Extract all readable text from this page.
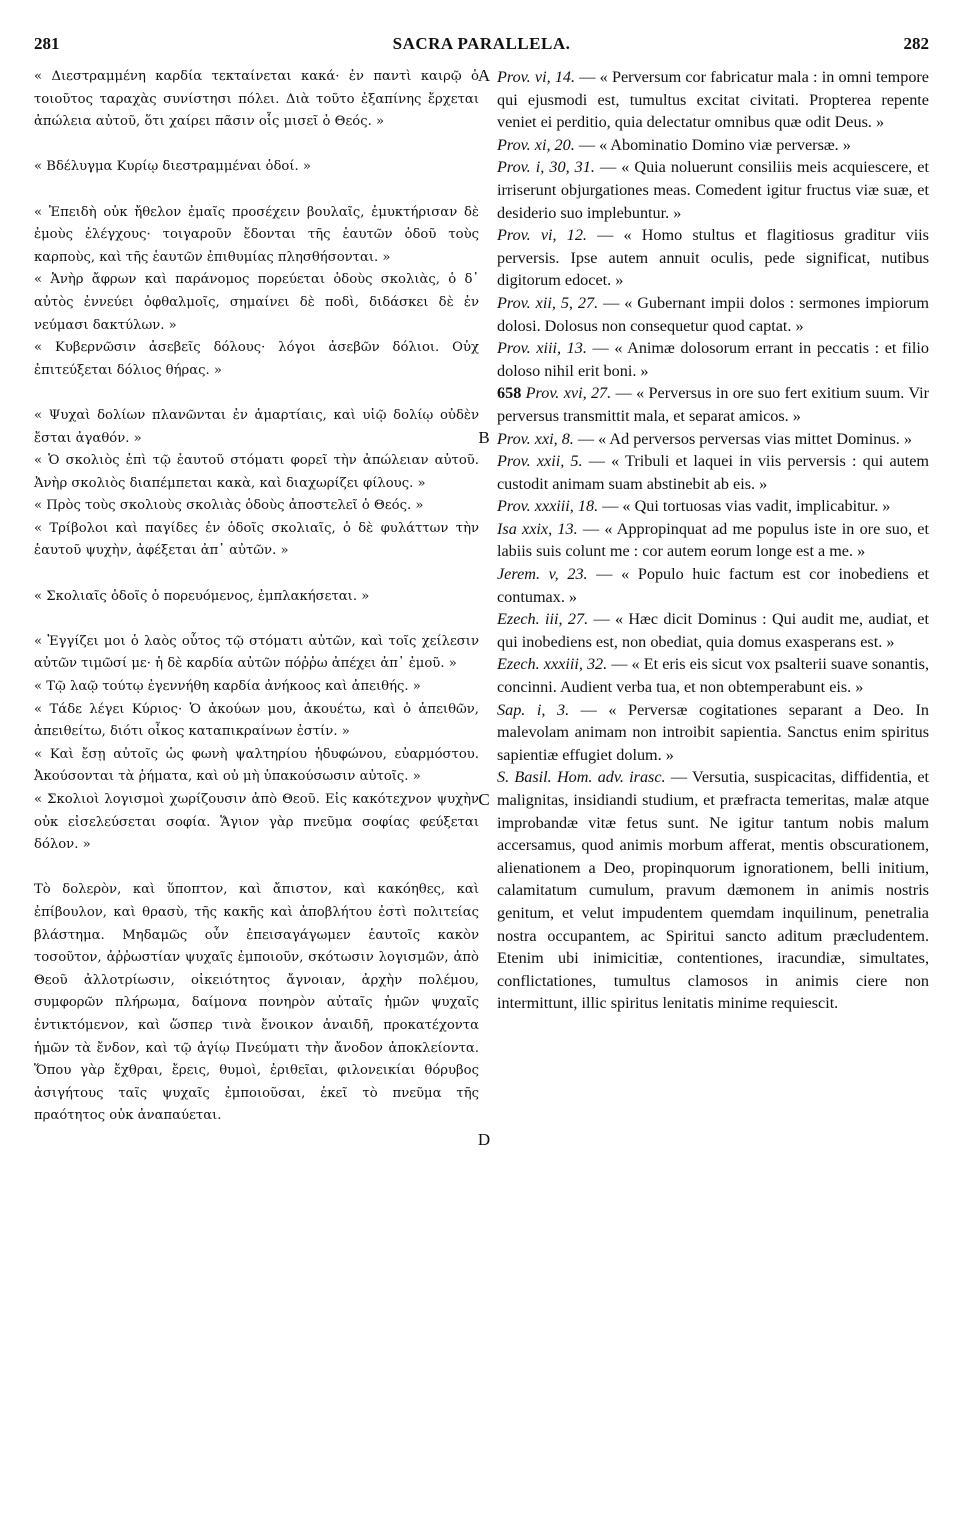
281	SACRA PARALLELA.	282
A
B
C
D

« Διεστραμμένη καρδία τεκταίνεται κακά· ἐν παντὶ καιρῷ ὁ τοιοῦτος ταραχὰς συνίστησι πόλει. Διὰ τοῦτο ἐξαπίνης ἔρχεται ἀπώλεια αὐτοῦ, ὅτι χαίρει πᾶσιν οἷς μισεῖ ὁ Θεός. »

« Βδέλυγμα Κυρίῳ διεστραμμέναι ὁδοί. »

« Ἐπειδὴ οὐκ ἤθελον ἐμαῖς προσέχειν βουλαῖς, ἐμυκτήρισαν δὲ ἐμοὺς ἐλέγχους· τοιγαροῦν ἔδονται τῆς ἑαυτῶν ὁδοῦ τοὺς καρποὺς, καὶ τῆς ἑαυτῶν ἐπιθυμίας πλησθήσονται. »

« Ἀνὴρ ἄφρων καὶ παράνομος πορεύεται ὁδοὺς σκολιὰς, ὁ δ᾽ αὐτὸς ἐννεύει ὀφθαλμοῖς, σημαίνει δὲ ποδὶ, διδάσκει δὲ ἐν νεύμασι δακτύλων. »

« Κυβερνῶσιν ἀσεβεῖς δόλους· λόγοι ἀσεβῶν δόλιοι. Οὐχ ἐπιτεύξεται δόλιος θήρας. »

« Ψυχαὶ δολίων πλανῶνται ἐν ἁμαρτίαις, καὶ υἱῷ δολίῳ οὐδὲν ἔσται ἀγαθόν. »

« Ὁ σκολιὸς ἐπὶ τῷ ἑαυτοῦ στόματι φορεῖ τὴν ἀπώλειαν αὐτοῦ. Ἀνὴρ σκολιὸς διαπέμπεται κακὰ, καὶ διαχωρίζει φίλους. »

« Πρὸς τοὺς σκολιοὺς σκολιὰς ὁδοὺς ἀποστελεῖ ὁ Θεός. »

« Τρίβολοι καὶ παγίδες ἐν ὁδοῖς σκολιαῖς, ὁ δὲ φυλάττων τὴν ἑαυτοῦ ψυχὴν, ἀφέξεται ἀπ᾽ αὐτῶν. »

« Σκολιαῖς ὁδοῖς ὁ πορευόμενος, ἐμπλακήσεται. »

« Ἐγγίζει μοι ὁ λαὸς οὗτος τῷ στόματι αὐτῶν, καὶ τοῖς χείλεσιν αὐτῶν τιμῶσί με· ἡ δὲ καρδία αὐτῶν πόῤῥω ἀπέχει ἀπ᾽ ἐμοῦ. »

« Τῷ λαῷ τούτῳ ἐγεννήθη καρδία ἀνήκοος καὶ ἀπειθής. »

« Τάδε λέγει Κύριος· Ὁ ἀκούων μου, ἀκουέτω, καὶ ὁ ἀπειθῶν, ἀπειθείτω, διότι οἶκος καταπικραίνων ἐστίν. »

« Καὶ ἔσῃ αὐτοῖς ὡς φωνὴ ψαλτηρίου ἡδυφώνου, εὐαρμόστου. Ἀκούσονται τὰ ῥήματα, καὶ οὐ μὴ ὑπακούσωσιν αὐτοῖς. »

« Σκολιοὶ λογισμοὶ χωρίζουσιν ἀπὸ Θεοῦ. Εἰς κακότεχνον ψυχὴν οὐκ εἰσελεύσεται σοφία. Ἅγιον γὰρ πνεῦμα σοφίας φεύξεται δόλον. »

Τὸ δολερὸν, καὶ ὕποπτον, καὶ ἄπιστον, καὶ κακόηθες, καὶ ἐπίβουλον, καὶ θρασὺ, τῆς κακῆς καὶ ἀποβλήτου ἐστὶ πολιτείας βλάστημα. Μηδαμῶς οὖν ἐπεισαγάγωμεν ἑαυτοῖς κακὸν τοσοῦτον, ἀῤῥωστίαν ψυχαῖς ἐμποιοῦν, σκότωσιν λογισμῶν, ἀπὸ Θεοῦ ἀλλοτρίωσιν, οἰκειότητος ἄγνοιαν, ἀρχὴν πολέμου, συμφορῶν πλήρωμα, δαίμονα πονηρὸν αὐταῖς ἡμῶν ψυχαῖς ἐντικτόμενον, καὶ ὥσπερ τινὰ ἔνοικον ἀναιδῆ, προκατέχοντα ἡμῶν τὰ ἔνδον, καὶ τῷ ἁγίῳ Πνεύματι τὴν ἄνοδον ἀποκλείοντα. Ὅπου γὰρ ἔχθραι, ἔρεις, θυμοὶ, ἐριθεῖαι, φιλονεικίαι θόρυβος ἀσιγήτους ταῖς ψυχαῖς ἐμποιοῦσαι, ἐκεῖ τὸ πνεῦμα τῆς πραότητος οὐκ ἀναπαύεται.

Prov. vi, 14. — « Perversum cor fabricatur mala : in omni tempore qui ejusmodi est, tumultus excitat civitati. Propterea repente veniet ei perditio, quia delectatur omnibus quæ odit Deus. »

Prov. xi, 20. — « Abominatio Domino viæ perversæ. »

Prov. i, 30, 31. — « Quia noluerunt consiliis meis acquiescere, et irriserunt objurgationes meas. Comedent igitur fructus viæ suæ, et desiderio suo implebuntur. »

Prov. vi, 12. — « Homo stultus et flagitiosus graditur viis perversis. Ipse autem annuit oculis, pede significat, nutibus digitorum edocet. »

Prov. xii, 5, 27. — « Gubernant impii dolos : sermones impiorum dolosi. Dolosus non consequetur quod captat. »

Prov. xiii, 13. — « Animæ dolosorum errant in peccatis : et filio doloso nihil erit boni. »

658 Prov. xvi, 27. — « Perversus in ore suo fert exitium suum. Vir perversus transmittit mala, et separat amicos. »

Prov. xxi, 8. — « Ad perversos perversas vias mittet Dominus. »

Prov. xxii, 5. — « Tribuli et laquei in viis perversis : qui autem custodit animam suam abstinebit ab eis. »

Prov. xxxiii, 18. — « Qui tortuosas vias vadit, implicabitur. »

Isa xxix, 13. — « Appropinquat ad me populus iste in ore suo, et labiis suis colunt me : cor autem eorum longe est a me. »

Jerem. v, 23. — « Populo huic factum est cor inobediens et contumax. »

Ezech. iii, 27. — « Hæc dicit Dominus : Qui audit me, audiat, et qui inobediens est, non obediat, quia domus exasperans est. »

Ezech. xxxiii, 32. — « Et eris eis sicut vox psalterii suave sonantis, concinni. Audient verba tua, et non obtemperabunt eis. »

Sap. i, 3. — « Perversæ cogitationes separant a Deo. In malevolam animam non introibit sapientia. Sanctus enim spiritus sapientiæ effugiet dolum. »

S. Basil. Hom. adv. irasc. — Versutia, suspicacitas, diffidentia, et malignitas, insidiandi studium, et præfracta temeritas, malæ atque improbandæ vitæ fetus sunt. Ne igitur tantum nobis malum accersamus, quod animis morbum afferat, mentis obscurationem, alienationem a Deo, propinquorum ignorationem, belli initium, calamitatum cumulum, pravum dæmonem in animis nostris genitum, et velut impudentem quemdam inquilinum, penetralia nostra occupantem, ac Spiritui sancto aditum præcludentem. Etenim ubi inimicitiæ, contentiones, iracundiæ, simultates, conflictationes, tumultus clamosos in animis ciere non intermittunt, illic spiritus lenitatis minime requiescit.
